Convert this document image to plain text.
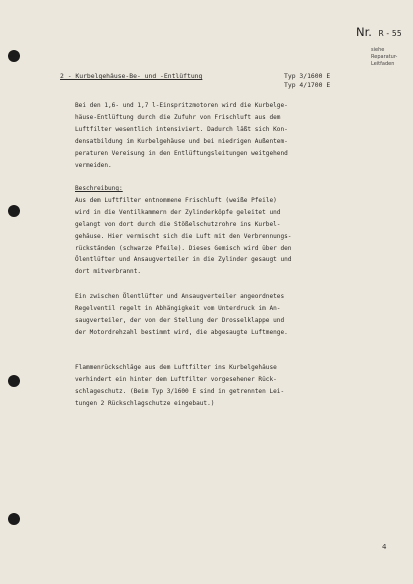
Nr. R - 55
siehe
Reparatur-
Leitfaden
2 - Kurbelgehäuse-Be- und -Entlüftung	Typ 3/1600 E
Typ 4/1700 E
Bei den 1,6- und 1,7 l-Einspritzmotoren wird die Kurbelge-
häuse-Entlüftung durch die Zufuhr von Frischluft aus dem
Luftfilter wesentlich intensiviert. Dadurch läßt sich Kon-
densatbildung im Kurbelgehäuse und bei niedrigen Außentem-
peraturen Vereisung in den Entlüftungsleitungen weitgehend
vermeiden.
Beschreibung:
Aus dem Luftfilter entnommene Frischluft (weiße Pfeile)
wird in die Ventilkammern der Zylinderköpfe geleitet und
gelangt von dort durch die Stößelschutzrohre ins Kurbel-
gehäuse. Hier vermischt sich die Luft mit den Verbrennungs-
rückständen (schwarze Pfeile). Dieses Gemisch wird über den
Ölentlüfter und Ansaugverteiler in die Zylinder gesaugt und
dort mitverbrannt.
Ein zwischen Ölentlüfter und Ansaugverteiler angeordnetes
Regelventil regelt in Abhängigkeit vom Unterdruck im An-
saugverteiler, der von der Stellung der Drosselklappe und
der Motordrehzahl bestimmt wird, die abgesaugte Luftmenge.
Flammenrückschläge aus dem Luftfilter ins Kurbelgehäuse
verhindert ein hinter dem Luftfilter vorgesehener Rück-
schlageschutz. (Beim Typ 3/1600 E sind in getrennten Lei-
tungen 2 Rückschlagschutze eingebaut.)
4
